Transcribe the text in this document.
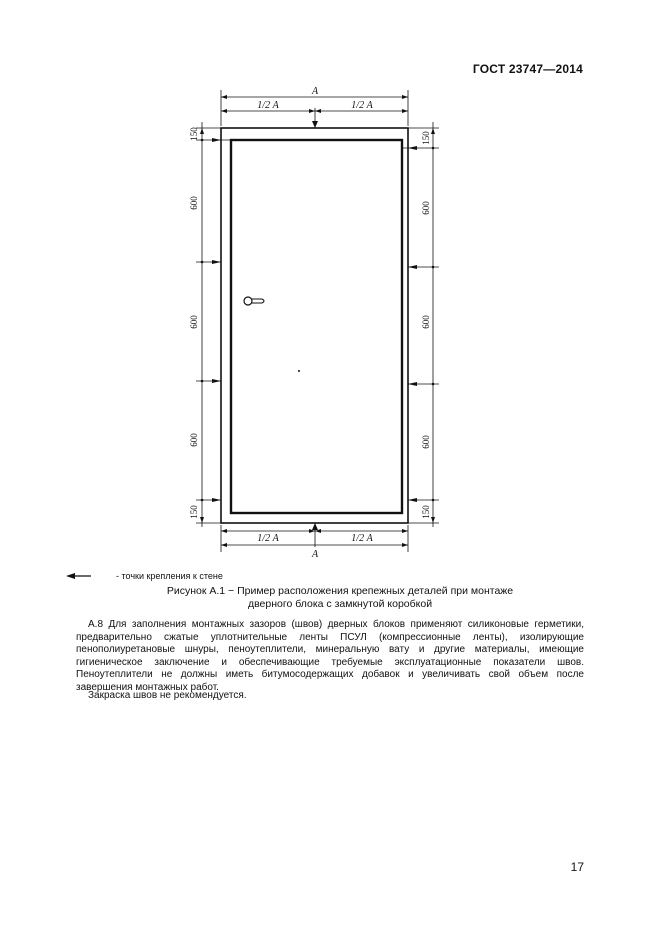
ГОСТ 23747—2014
А
1/2 А	1/2 А
1/2 А	1/2 А
А
150
600
600
600
150
150
600
600
600
150
- точки крепления к стене
Рисунок А.1 − Пример расположения крепежных деталей при монтаже
дверного блока с замкнутой коробкой

А.8 Для заполнения монтажных зазоров (швов) дверных блоков применяют силиконовые герметики, предварительно сжатые уплотнительные ленты ПСУЛ (компрессионные ленты), изолирующие пенополиуретановые шнуры, пеноутеплители, минеральную вату и другие материалы, имеющие гигиеническое заключение и обеспечивающие требуемые эксплуатационные показатели швов. Пеноутеплители не должны иметь битумосодержащих добавок и увеличивать свой объем после завершения монтажных работ.

Закраска швов не рекомендуется.

17
